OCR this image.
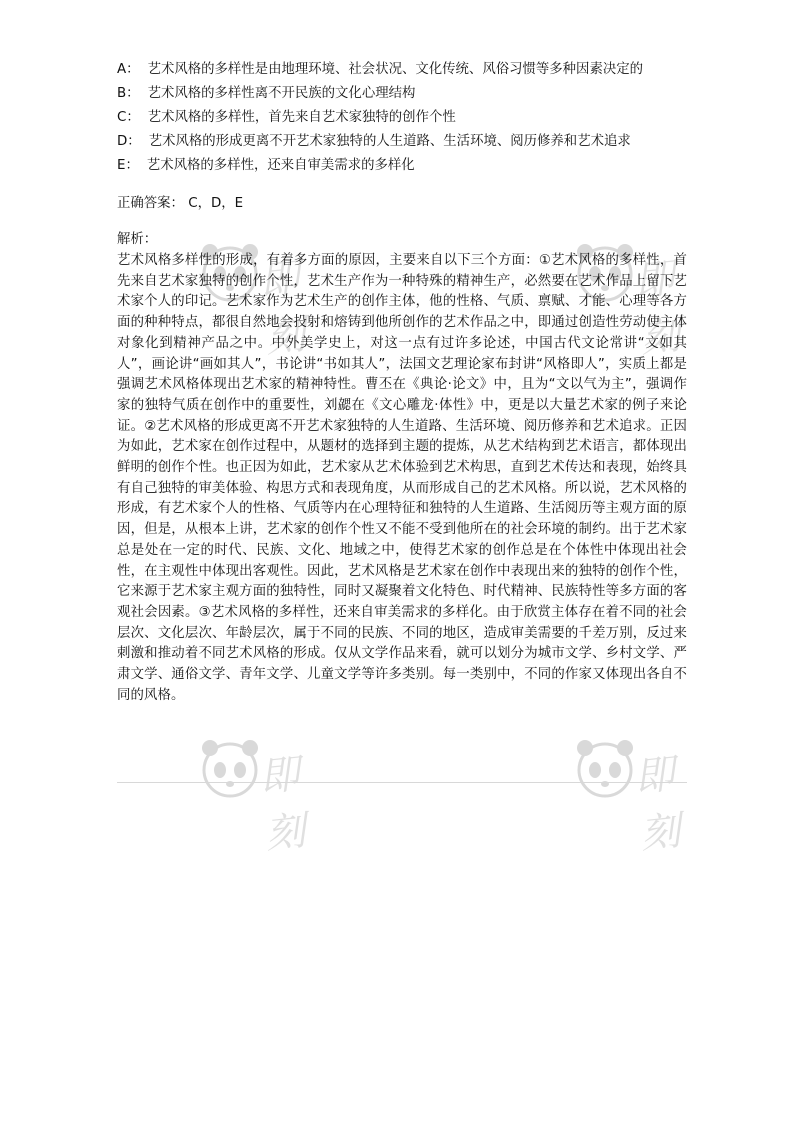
即刻
即刻
即刻
即刻

A： 艺术风格的多样性是由地理环境、社会状况、文化传统、风俗习惯等多种因素决定的

B： 艺术风格的多样性离不开民族的文化心理结构

C： 艺术风格的多样性，首先来自艺术家独特的创作个性

D： 艺术风格的形成更离不开艺术家独特的人生道路、生活环境、阅历修养和艺术追求

E： 艺术风格的多样性，还来自审美需求的多样化

正确答案： C，D，E

解析：

艺术风格多样性的形成，有着多方面的原因，主要来自以下三个方面：①艺术风格的多样性，首先来自艺术家独特的创作个性，艺术生产作为一种特殊的精神生产，必然要在艺术作品上留下艺术家个人的印记。艺术家作为艺术生产的创作主体，他的性格、气质、禀赋、才能、心理等各方面的种种特点，都很自然地会投射和熔铸到他所创作的艺术作品之中，即通过创造性劳动使主体对象化到精神产品之中。中外美学史上，对这一点有过许多论述，中国古代文论常讲“文如其人”，画论讲“画如其人”，书论讲“书如其人”，法国文艺理论家布封讲“风格即人”，实质上都是强调艺术风格体现出艺术家的精神特性。曹丕在《典论·论文》中，且为“文以气为主”，强调作家的独特气质在创作中的重要性，刘勰在《文心雕龙·体性》中，更是以大量艺术家的例子来论证。②艺术风格的形成更离不开艺术家独特的人生道路、生活环境、阅历修养和艺术追求。正因为如此，艺术家在创作过程中，从题材的选择到主题的提炼，从艺术结构到艺术语言，都体现出鲜明的创作个性。也正因为如此，艺术家从艺术体验到艺术构思，直到艺术传达和表现，始终具有自己独特的审美体验、构思方式和表现角度，从而形成自己的艺术风格。所以说，艺术风格的形成，有艺术家个人的性格、气质等内在心理特征和独特的人生道路、生活阅历等主观方面的原因，但是，从根本上讲，艺术家的创作个性又不能不受到他所在的社会环境的制约。出于艺术家总是处在一定的时代、民族、文化、地域之中，使得艺术家的创作总是在个体性中体现出社会性，在主观性中体现出客观性。因此，艺术风格是艺术家在创作中表现出来的独特的创作个性，它来源于艺术家主观方面的独特性，同时又凝聚着文化特色、时代精神、民族特性等多方面的客观社会因素。③艺术风格的多样性，还来自审美需求的多样化。由于欣赏主体存在着不同的社会层次、文化层次、年龄层次，属于不同的民族、不同的地区，造成审美需要的千差万别，反过来刺激和推动着不同艺术风格的形成。仅从文学作品来看，就可以划分为城市文学、乡村文学、严肃文学、通俗文学、青年文学、儿童文学等许多类别。每一类别中，不同的作家又体现出各自不同的风格。
